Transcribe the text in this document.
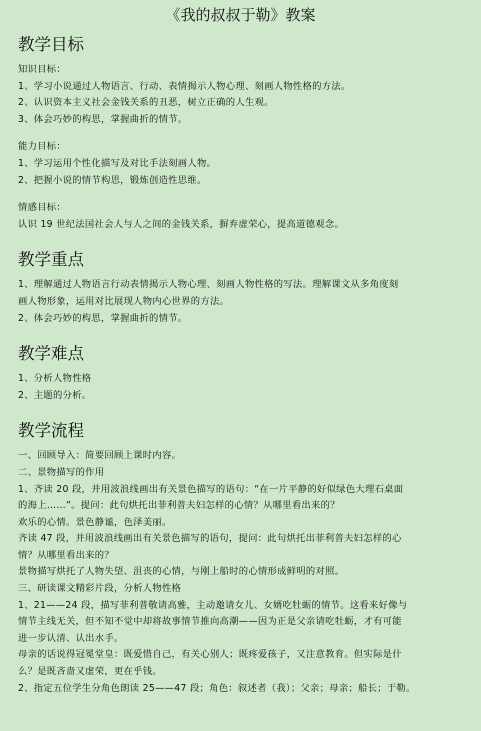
《我的叔叔于勒》教案
教学目标
知识目标：
1、学习小说通过人物语言、行动、表情揭示人物心理、刻画人物性格的方法。
2、认识资本主义社会金钱关系的丑恶，树立正确的人生观。
3、体会巧妙的构思，掌握曲折的情节。
能力目标：
1、学习运用个性化描写及对比手法刻画人物。
2、把握小说的情节构思，锻炼创造性思维。
情感目标：
认识 19 世纪法国社会人与人之间的金钱关系，摒弃虚荣心，提高道德观念。
教学重点
1、理解通过人物语言行动表情揭示人物心理、刻画人物性格的写法。理解课文从多角度刻
画人物形象，运用对比展现人物内心世界的方法。
2、体会巧妙的构思，掌握曲折的情节。
教学难点
1、分析人物性格
2、主题的分析。
教学流程
一、回顾导入：简要回顾上课时内容。
二、景物描写的作用
1、齐读 20 段，并用波浪线画出有关景色描写的语句：“在一片平静的好似绿色大理石桌面
的海上……”。提问：此句烘托出菲利普夫妇怎样的心情？从哪里看出来的？
欢乐的心情。景色静谧，色泽美丽。
齐读 47 段，并用波浪线画出有关景色描写的语句，提问：此句烘托出菲利普夫妇怎样的心
情？从哪里看出来的？
景物描写烘托了人物失望、沮丧的心情，与刚上船时的心情形成鲜明的对照。
三、研读课文精彩片段，分析人物性格
1、21——24 段，描写菲利普敬请高雅，主动邀请女儿、女婿吃牡蛎的情节。这看来好像与
情节主线无关，但不知不觉中却将故事情节推向高潮——因为正是父亲请吃牡蛎，才有可能
进一步认清、认出水手。
母亲的话说得冠冕堂皇：既爱惜自己，有关心别人；既疼爱孩子，又注意教育。但实际是什
么？是既吝啬又虚荣，更在乎钱。
2、指定五位学生分角色朗读 25——47 段；角色：叙述者（我）；父亲；母亲；船长；于勒。
